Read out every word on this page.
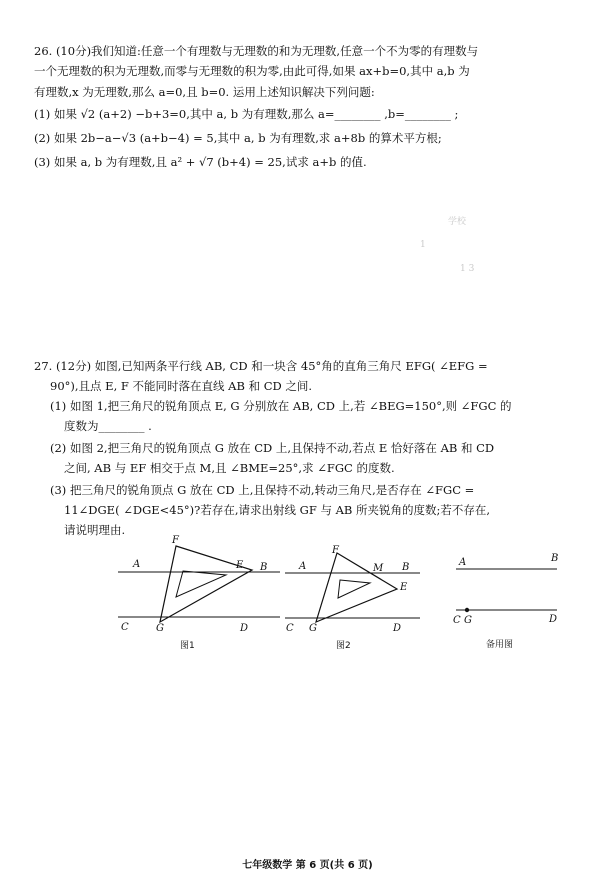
26. (10分)我们知道:任意一个有理数与无理数的和为无理数,任意一个不为零的有理数与
一个无理数的积为无理数,而零与无理数的积为零,由此可得,如果 ax+b=0,其中 a,b 为
有理数,x 为无理数,那么 a=0,且 b=0. 运用上述知识解决下列问题:
(1) 如果 √2 (a+2) −b+3=0,其中 a, b 为有理数,那么 a=________ ,b=________ ;
(2) 如果 2b−a−√3 (a+b−4) = 5,其中 a, b 为有理数,求 a+8b 的算术平方根;
(3) 如果 a, b 为有理数,且 a² + √7 (b+4) = 25,试求 a+b 的值.
学校
1
1 3
27. (12分) 如图,已知两条平行线 AB, CD 和一块含 45°角的直角三角尺 EFG( ∠EFG =
90°),且点 E, F 不能同时落在直线 AB 和 CD 之间.
(1) 如图 1,把三角尺的锐角顶点 E, G 分别放在 AB, CD 上,若 ∠BEG=150°,则 ∠FGC 的
度数为________ .
(2) 如图 2,把三角尺的锐角顶点 G 放在 CD 上,且保持不动,若点 E 恰好落在 AB 和 CD
之间, AB 与 EF 相交于点 M,且 ∠BME=25°,求 ∠FGC 的度数.
(3) 把三角尺的锐角顶点 G 放在 CD 上,且保持不动,转动三角尺,是否存在 ∠FGC =
11∠DGE( ∠DGE<45°)?若存在,请求出射线 GF 与 AB 所夹锐角的度数;若不存在,
请说明理由.
A	B
C	D
E
F
G
图1
A	B
C	D
E
F
G
M
图2
A	B
C G	D
备用图
七年级数学 第 6 页(共 6 页)
